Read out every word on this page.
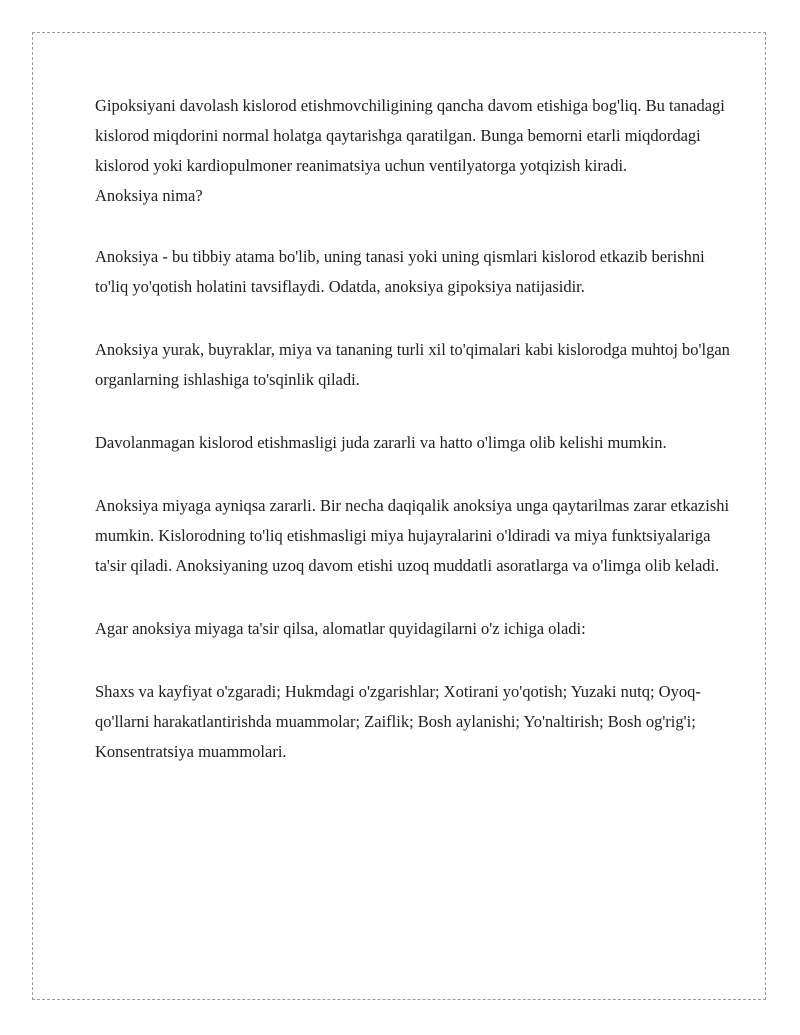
Gipoksiyani davolash kislorod etishmovchiligining qancha davom etishiga bog'liq. Bu tanadagi kislorod miqdorini normal holatga qaytarishga qaratilgan. Bunga bemorni etarli miqdordagi kislorod yoki kardiopulmoner reanimatsiya uchun ventilyatorga yotqizish kiradi.

Anoksiya nima?

Anoksiya - bu tibbiy atama bo'lib, uning tanasi yoki uning qismlari kislorod etkazib berishni to'liq yo'qotish holatini tavsiflaydi. Odatda, anoksiya gipoksiya natijasidir.

Anoksiya yurak, buyraklar, miya va tananing turli xil to'qimalari kabi kislorodga muhtoj bo'lgan organlarning ishlashiga to'sqinlik qiladi.

Davolanmagan kislorod etishmasligi juda zararli va hatto o'limga olib kelishi mumkin.

Anoksiya miyaga ayniqsa zararli. Bir necha daqiqalik anoksiya unga qaytarilmas zarar etkazishi mumkin. Kislorodning to'liq etishmasligi miya hujayralarini o'ldiradi va miya funktsiyalariga ta'sir qiladi. Anoksiyaning uzoq davom etishi uzoq muddatli asoratlarga va o'limga olib keladi.

Agar anoksiya miyaga ta'sir qilsa, alomatlar quyidagilarni o'z ichiga oladi:

Shaxs va kayfiyat o'zgaradi; Hukmdagi o'zgarishlar; Xotirani yo'qotish; Yuzaki nutq; Oyoq-qo'llarni harakatlantirishda muammolar; Zaiflik; Bosh aylanishi; Yo'naltirish; Bosh og'rig'i; Konsentratsiya muammolari.
